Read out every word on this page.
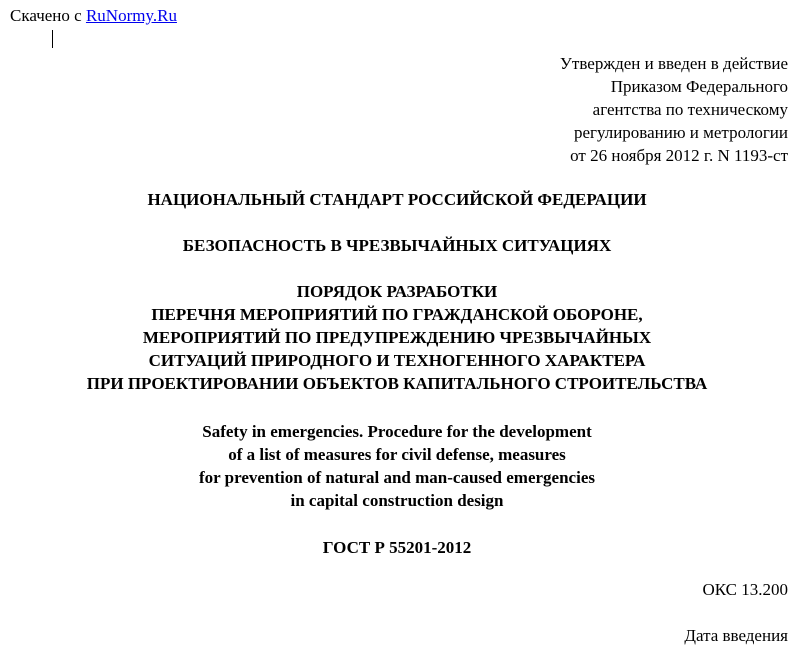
Скачено с RuNormy.Ru
Утвержден и введен в действие
Приказом Федерального
агентства по техническому
регулированию и метрологии
от 26 ноября 2012 г. N 1193-ст
НАЦИОНАЛЬНЫЙ СТАНДАРТ РОССИЙСКОЙ ФЕДЕРАЦИИ
БЕЗОПАСНОСТЬ В ЧРЕЗВЫЧАЙНЫХ СИТУАЦИЯХ
ПОРЯДОК РАЗРАБОТКИ
ПЕРЕЧНЯ МЕРОПРИЯТИЙ ПО ГРАЖДАНСКОЙ ОБОРОНЕ,
МЕРОПРИЯТИЙ ПО ПРЕДУПРЕЖДЕНИЮ ЧРЕЗВЫЧАЙНЫХ
СИТУАЦИЙ ПРИРОДНОГО И ТЕХНОГЕННОГО ХАРАКТЕРА
ПРИ ПРОЕКТИРОВАНИИ ОБЪЕКТОВ КАПИТАЛЬНОГО СТРОИТЕЛЬСТВА
Safety in emergencies. Procedure for the development
of a list of measures for civil defense, measures
for prevention of natural and man-caused emergencies
in capital construction design
ГОСТ Р 55201-2012
ОКС 13.200
Дата введения
